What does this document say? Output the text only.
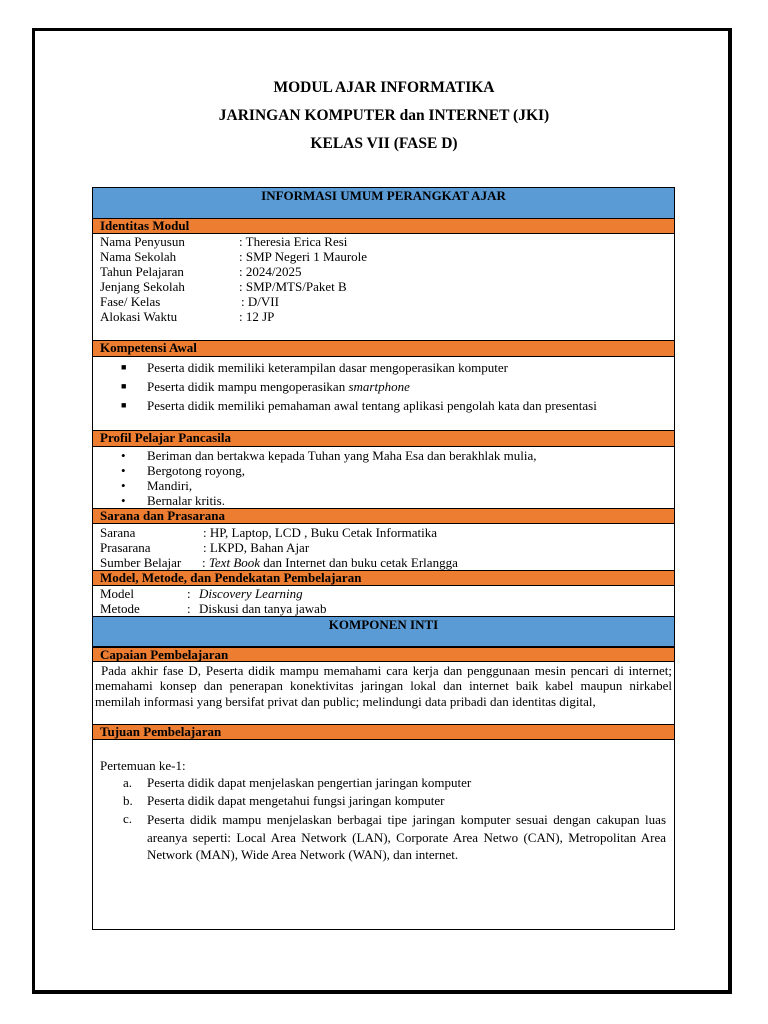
MODUL AJAR INFORMATIKA
JARINGAN KOMPUTER dan INTERNET (JKI)
KELAS VII (FASE D)
INFORMASI UMUM PERANGKAT AJAR
Identitas Modul
Nama Penyusun	: Theresia Erica Resi
Nama Sekolah	: SMP Negeri 1 Maurole
Tahun Pelajaran	: 2024/2025
Jenjang Sekolah	: SMP/MTS/Paket B
Fase/ Kelas	: D/VII
Alokasi Waktu	: 12 JP
Kompetensi Awal
■ Peserta didik memiliki keterampilan dasar mengoperasikan komputer
■ Peserta didik mampu mengoperasikan smartphone
■ Peserta didik memiliki pemahaman awal tentang aplikasi pengolah kata dan presentasi
Profil Pelajar Pancasila
• Beriman dan bertakwa kepada Tuhan yang Maha Esa dan berakhlak mulia,
• Bergotong royong,
• Mandiri,
• Bernalar kritis.
Sarana dan Prasarana
Sarana	: HP, Laptop, LCD , Buku Cetak Informatika
Prasarana	: LKPD, Bahan Ajar
Sumber Belajar : Text Book dan Internet dan buku cetak Erlangga
Model, Metode, dan Pendekatan Pembelajaran
Model	: Discovery Learning
Metode	: Diskusi dan tanya jawab
KOMPONEN INTI
Capaian Pembelajaran
Pada akhir fase D, Peserta didik mampu memahami cara kerja dan penggunaan mesin pencari di internet; memahami konsep dan penerapan konektivitas jaringan lokal dan internet baik kabel maupun nirkabel memilah informasi yang bersifat privat dan public; melindungi data pribadi dan identitas digital,
Tujuan Pembelajaran
Pertemuan ke-1:
a. Peserta didik dapat menjelaskan pengertian jaringan komputer
b. Peserta didik dapat mengetahui fungsi jaringan komputer
c. Peserta didik mampu menjelaskan berbagai tipe jaringan komputer sesuai dengan cakupan luas areanya seperti: Local Area Network (LAN), Corporate Area Netwo (CAN), Metropolitan Area Network (MAN), Wide Area Network (WAN), dan internet.
